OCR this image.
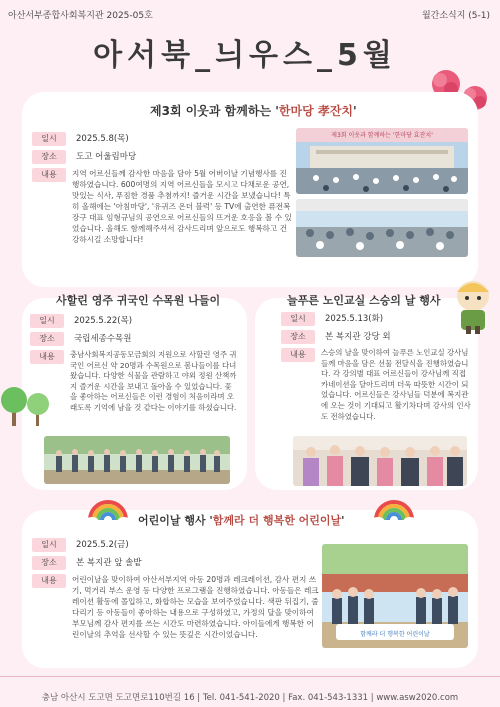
아산서부종합사회복지관 2025-05호	월간소식지 (5-1)
아서북_늬우스_5월
제3회 이웃과 함께하는 '한마당 孝잔치'
일시	2025.5.8(목)
장소	도고 어울림마당
내용	지역 어르신들께 감사한 마음을 담아 5월 어버이날 기념행사를 진행하였습니다. 600여명의 지역 어르신들을 모시고 다채로운 공연, 맛있는 식사, 푸짐한 경품 추첨까지! 즐거운 시간을 보냈습니다! 특히 올해에는 '아침마당', '유귀즈 온더 블럭' 등 TV에 출연한 퓨전복장구 대표 임형규님의 공연으로 어르신들의 뜨거운 호응을 볼 수 있었습니다. 올해도 함께해주셔서 감사드리며 앞으로도 행복하고 건강하시길 소망합니다!
제3회 이웃과 함께하는 '한마당 효잔치'
사할린 영주 귀국인 수목원 나들이
일시	2025.5.22(목)
장소	국립세종수목원
내용	충남사회복지공동모금회의 지원으로 사할린 영주 귀국인 어르신 약 20명과 수목원으로 봄나들이를 다녀왔습니다. 다양한 식물을 관람하고 야외 정원 산책까지 즐거운 시간을 보내고 돌아올 수 있었습니다. 꽃을 좋아하는 어르신들은 이런 경험이 처음이라며 오래도록 기억에 남을 것 같다는 이야기를 하셨습니다.
늘푸른 노인교실 스승의 날 행사
일시	2025.5.13(화)
장소	본 복지관 강당 외
내용	스승의 날을 맞이하여 늘푸른 노인교실 강사님들께 마음을 담은 선물 전달식을 진행하였습니다. 각 강의별 대표 어르신들이 강사님께 직접 카네이션을 달아드리며 더욱 따뜻한 시간이 되었습니다. 어르신들은 강사님들 덕분에 복지관에 오는 것이 기대되고 활기차다며 강사의 인사도 전하였습니다.
어린이날 행사 '함께라 더 행복한 어린이날'
일시	2025.5.2(금)
장소	본 복지관 앞 솔밭
내용	어린이날을 맞이하여 아산서부지역 아동 20명과 레크레이션, 감사 편지 쓰기, 먹거리 부스 운영 등 다양한 프로그램을 진행하였습니다. 아동들은 레크레이션 활동에 몰입하고, 화합하는 모습을 보여주었습니다. 색판 뒤집기, 줄다리기 등 아동들이 좋아하는 내용으로 구성하였고, 가정의 달을 맞이하여 부모님께 감사 편지를 쓰는 시간도 마련하였습니다. 아이들에게 행복한 어린이날의 추억을 선사할 수 있는 뜻깊은 시간이었습니다.	함께라 더 행복한 어린이날
충남 아산시 도고면 도고면로110번길 16 | Tel. 041-541-2020 | Fax. 041-543-1331 | www.asw2020.com
